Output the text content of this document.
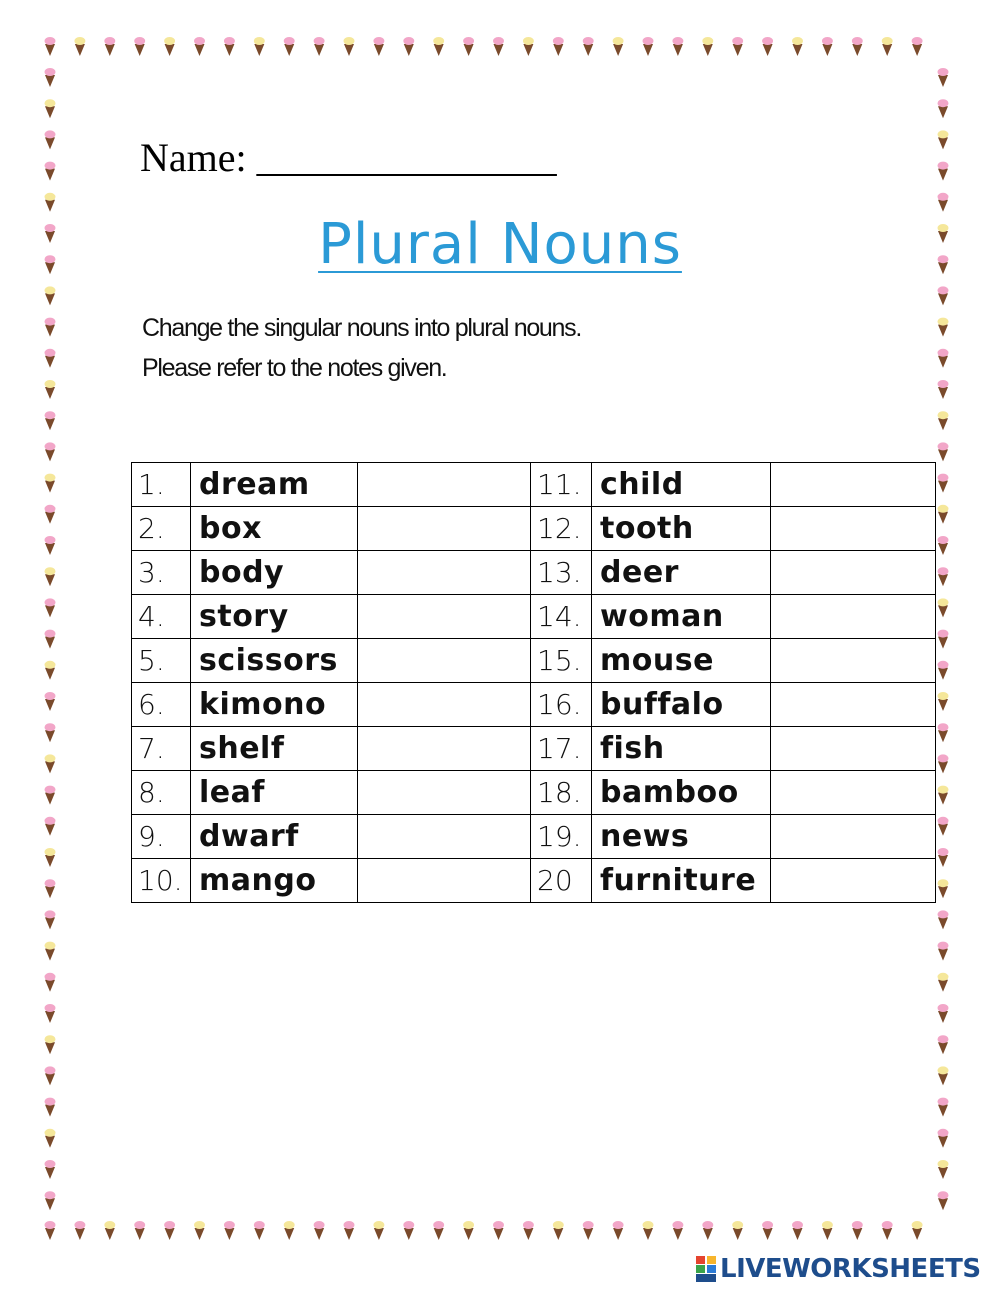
Name: _______________
Plural Nouns
Change the singular nouns into plural nouns.
Please refer to the notes given.
1.	dream		11.	child	
2.	box		12.	tooth	
3.	body		13.	deer	
4.	story		14.	woman	
5.	scissors		15.	mouse	
6.	kimono		16.	buffalo	
7.	shelf		17.	fish	
8.	leaf		18.	bamboo	
9.	dwarf		19.	news	
10.	mango		20	furniture	
LIVEWORKSHEETS
